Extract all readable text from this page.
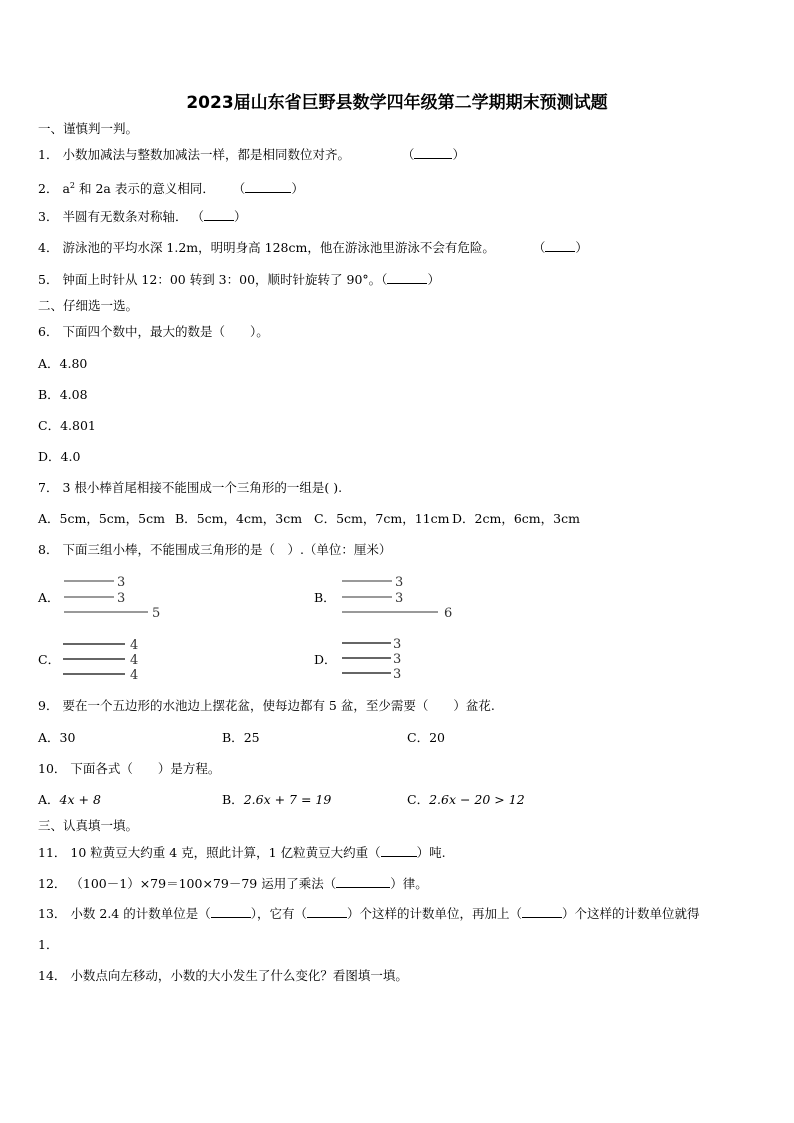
2023届山东省巨野县数学四年级第二学期期末预测试题
一、谨慎判一判。
1． 小数加减法与整数加减法一样，都是相同数位对齐。	（	）
2． $a^2$ 和 2a 表示的意义相同． （	）
3． 半圆有无数条对称轴． （ ）
4． 游泳池的平均水深 1.2m，明明身高 128cm，他在游泳池里游泳不会有危险。	（ ）
5． 钟面上时针从 12：00 转到 3：00，顺时针旋转了 90°。（	）
二、仔细选一选。
6． 下面四个数中，最大的数是（　　）。
A．4.80
B．4.08
C．4.801
D．4.0
7． 3 根小棒首尾相接不能围成一个三角形的一组是( ).
A．5cm，5cm，5cm B．5cm，4cm，3cm C．5cm，7cm，11cm D．2cm，6cm，3cm
8． 下面三组小棒，不能围成三角形的是（　）.（单位：厘米）
A．
3
3
5
B．
3
3
6
C．
4
4
4
D．
3
3
3
9． 要在一个五边形的水池边上摆花盆，使每边都有 5 盆，至少需要（　　）盆花.
A．30	B．25	C．20
10． 下面各式（　　）是方程。
A．4x + 8	B．2.6x + 7 = 19	C．2.6x − 20 > 12
三、认真填一填。
11． 10 粒黄豆大约重 4 克，照此计算，1 亿粒黄豆大约重（	）吨.
12． （100－1）×79＝100×79－79 运用了乘法（	）律。
13． 小数 2.4 的计数单位是（	），它有（	）个这样的计数单位，再加上（	）个这样的计数单位就得
1．
14． 小数点向左移动，小数的大小发生了什么变化？看图填一填。
